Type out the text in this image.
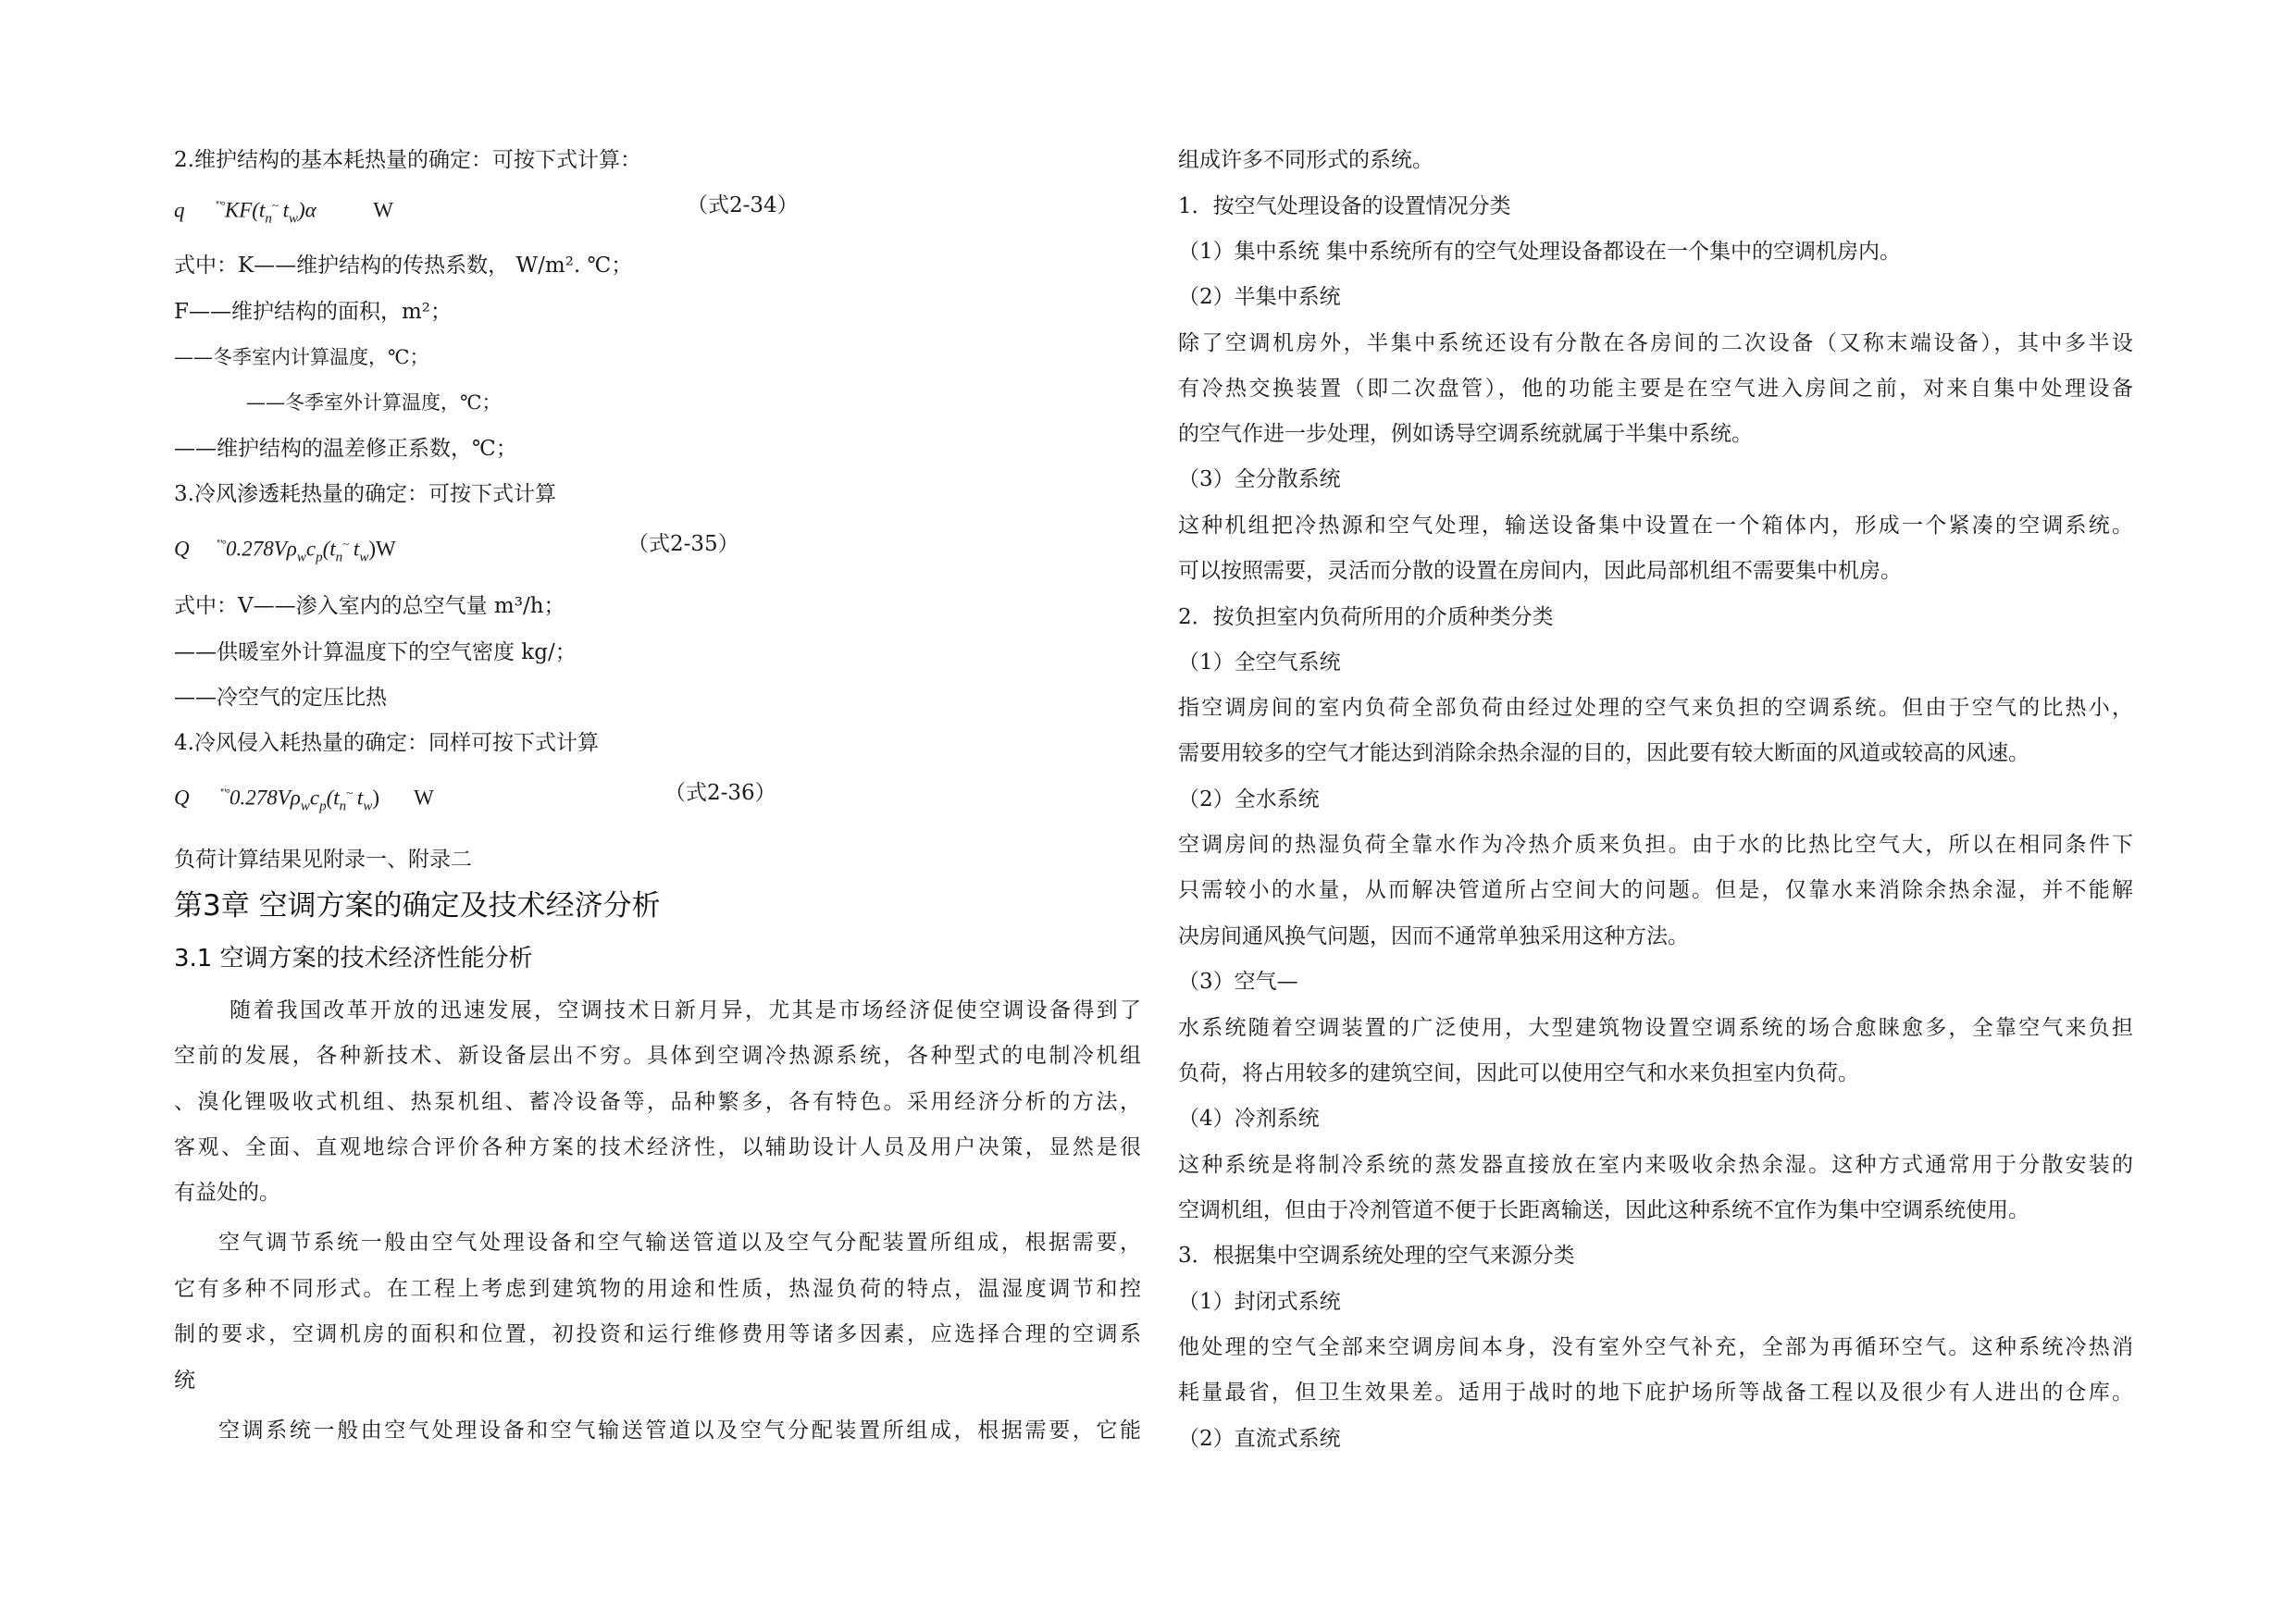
2.维护结构的基本耗热量的确定：可按下式计算：
q	$^{'"^\circ}KF(t_n^\sim$ $t_w)\alpha$	W	（式2-34）
式中：K——维护结构的传热系数， W/m². ℃；
F——维护结构的面积，m²；
——冬季室内计算温度，℃；
——冬季室外计算温度，℃；
——维护结构的温差修正系数，℃；
3.冷风渗透耗热量的确定：可按下式计算
Q $^{'"^\circ}0.278V\rho_wc_p(t_n^\sim$ $t_w)W$	（式2-35）
式中：V——渗入室内的总空气量 m³/h；
——供暖室外计算温度下的空气密度 kg/；
——冷空气的定压比热
4.冷风侵入耗热量的确定：同样可按下式计算
Q	$^{'"^\circ}0.278V\rho_wc_p(t_n^\sim$ $t_w$) W	（式2-36）
负荷计算结果见附录一、附录二
第3章 空调方案的确定及技术经济分析
3.1 空调方案的技术经济性能分析
随着我国改革开放的迅速发展，空调技术日新月异，尤其是市场经济促使空调设备得到了
空前的发展，各种新技术、新设备层出不穷。具体到空调冷热源系统，各种型式的电制冷机组
、溴化锂吸收式机组、热泵机组、蓄冷设备等，品种繁多，各有特色。采用经济分析的方法，
客观、全面、直观地综合评价各种方案的技术经济性，以辅助设计人员及用户决策，显然是很
有益处的。
空气调节系统一般由空气处理设备和空气输送管道以及空气分配装置所组成，根据需要，
它有多种不同形式。在工程上考虑到建筑物的用途和性质，热湿负荷的特点，温湿度调节和控
制的要求，空调机房的面积和位置，初投资和运行维修费用等诸多因素，应选择合理的空调系
统
空调系统一般由空气处理设备和空气输送管道以及空气分配装置所组成，根据需要，它能
组成许多不同形式的系统。
1．按空气处理设备的设置情况分类
（1）集中系统 集中系统所有的空气处理设备都设在一个集中的空调机房内。
（2）半集中系统
除了空调机房外，半集中系统还设有分散在各房间的二次设备（又称末端设备），其中多半设
有冷热交换装置（即二次盘管），他的功能主要是在空气进入房间之前，对来自集中处理设备
的空气作进一步处理，例如诱导空调系统就属于半集中系统。
（3）全分散系统
这种机组把冷热源和空气处理，输送设备集中设置在一个箱体内，形成一个紧凑的空调系统。
可以按照需要，灵活而分散的设置在房间内，因此局部机组不需要集中机房。
2．按负担室内负荷所用的介质种类分类
（1）全空气系统
指空调房间的室内负荷全部负荷由经过处理的空气来负担的空调系统。但由于空气的比热小，
需要用较多的空气才能达到消除余热余湿的目的，因此要有较大断面的风道或较高的风速。
（2）全水系统
空调房间的热湿负荷全靠水作为冷热介质来负担。由于水的比热比空气大，所以在相同条件下
只需较小的水量，从而解决管道所占空间大的问题。但是，仅靠水来消除余热余湿，并不能解
决房间通风换气问题，因而不通常单独采用这种方法。
（3）空气—
水系统随着空调装置的广泛使用，大型建筑物设置空调系统的场合愈睐愈多，全靠空气来负担
负荷，将占用较多的建筑空间，因此可以使用空气和水来负担室内负荷。
（4）冷剂系统
这种系统是将制冷系统的蒸发器直接放在室内来吸收余热余湿。这种方式通常用于分散安装的
空调机组，但由于冷剂管道不便于长距离输送，因此这种系统不宜作为集中空调系统使用。
3．根据集中空调系统处理的空气来源分类
（1）封闭式系统
他处理的空气全部来空调房间本身，没有室外空气补充，全部为再循环空气。这种系统冷热消
耗量最省，但卫生效果差。适用于战时的地下庇护场所等战备工程以及很少有人进出的仓库。
（2）直流式系统
